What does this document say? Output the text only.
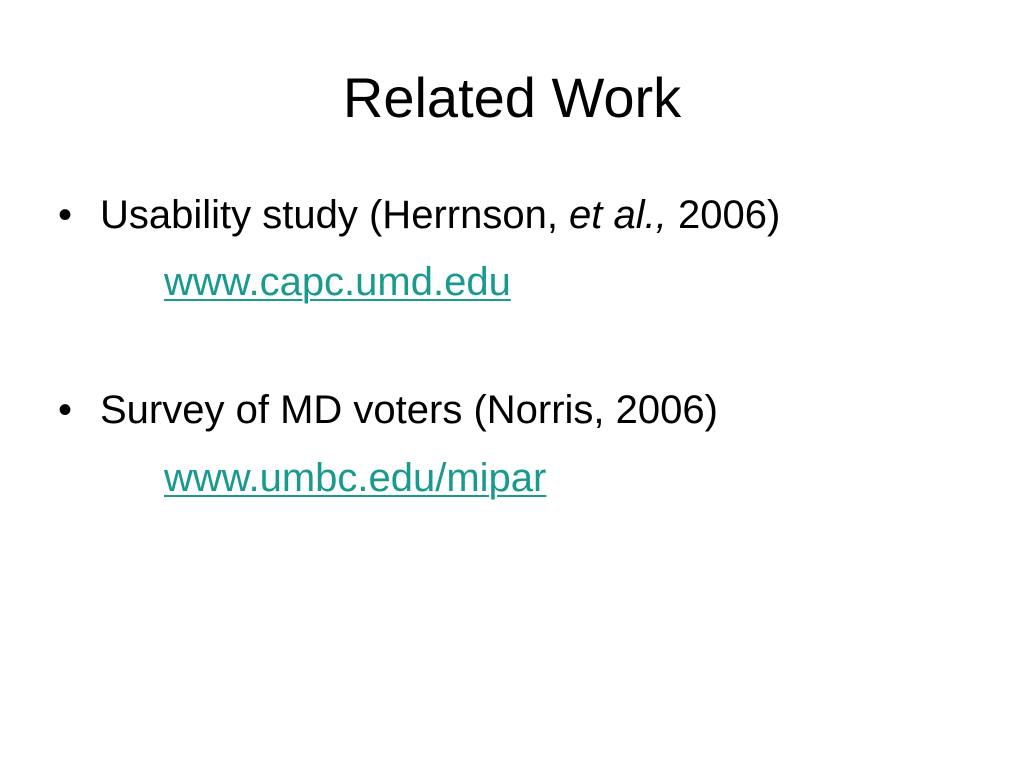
Related Work
• Usability study (Herrnson, et al., 2006)
www.capc.umd.edu
• Survey of MD voters (Norris, 2006)
www.umbc.edu/mipar
